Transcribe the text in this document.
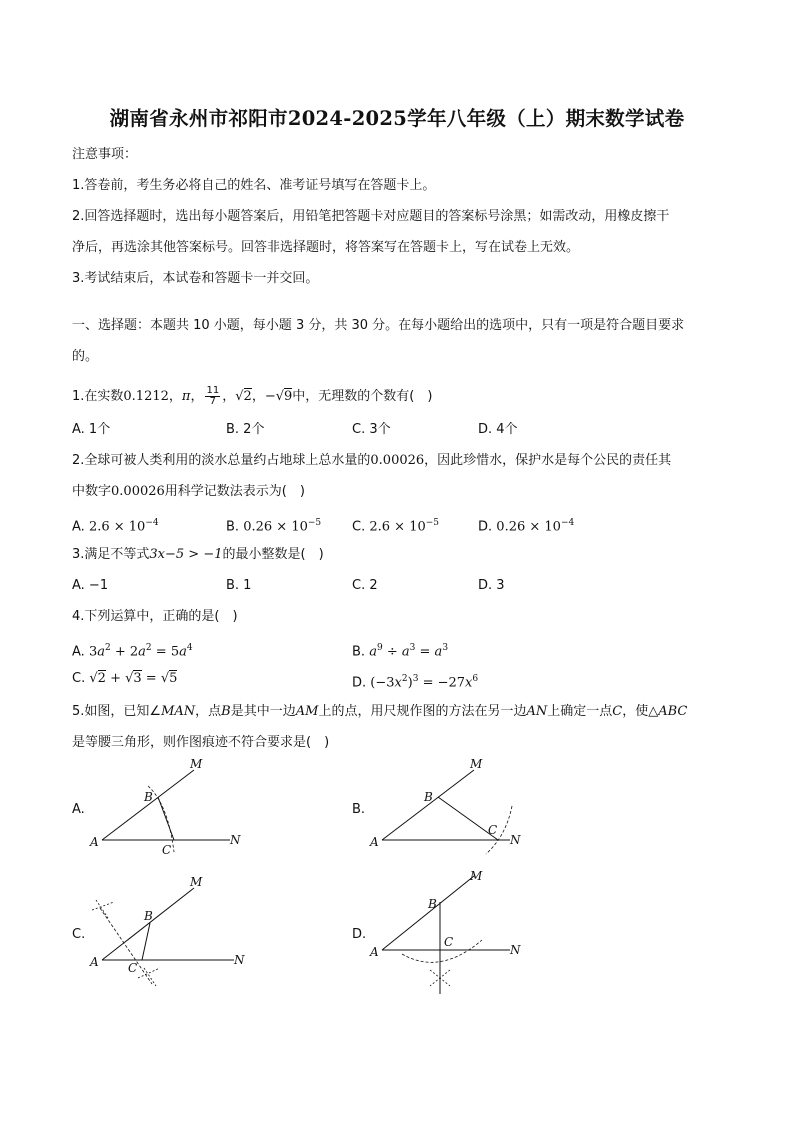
湖南省永州市祁阳市2024-2025学年八年级（上）期末数学试卷
注意事项：
1.答卷前，考生务必将自己的姓名、准考证号填写在答题卡上。
2.回答选择题时，选出每小题答案后，用铅笔把答题卡对应题目的答案标号涂黑；如需改动，用橡皮擦干
净后，再选涂其他答案标号。回答非选择题时，将答案写在答题卡上，写在试卷上无效。
3.考试结束后，本试卷和答题卡一并交回。
一、选择题：本题共 10 小题，每小题 3 分，共 30 分。在每小题给出的选项中，只有一项是符合题目要求
的。
1.在实数0.1212，π， $\frac{11}{7}$ ，√2，−√9中，无理数的个数有(　)
A. 1个	B. 2个	C. 3个	D. 4个
2.全球可被人类利用的淡水总量约占地球上总水量的0.00026，因此珍惜水，保护水是每个公民的责任其
中数字0.00026用科学记数法表示为(　)
A. $2.6 \times 10^{-4}$	B. $0.26 \times 10^{-5}$ C. $2.6 \times 10^{-5}$	D. $0.26 \times 10^{-4}$
3.满足不等式3x−5 > −1的最小整数是(　)
A. −1	B. 1	C. 2	D. 3
4.下列运算中，正确的是(　)
A. $3a^2 + 2a^2 = 5a^4$	B. $a^9 \div a^3 = a^3$
C. √2 + √3 = √5	D. $(-3x^2)^3 = -27x^6$
5.如图，已知∠MAN，点B是其中一边AM上的点，用尺规作图的方法在另一边AN上确定一点C，使△ABC
是等腰三角形，则作图痕迹不符合要求是(　)
A.
M
B
A
C
N
B.
M
B
A
C
N
C.
M
B
A C
N
D.
M
B
A
C
N
